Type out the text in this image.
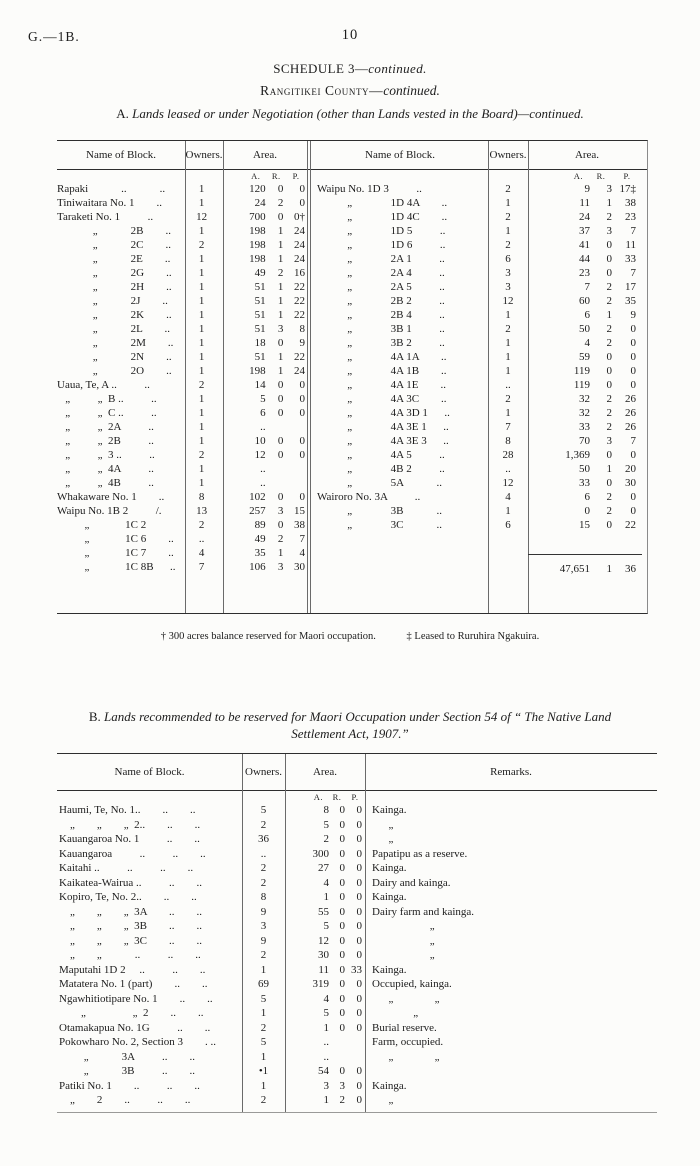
G.—1B.	10
SCHEDULE 3—continued.
Rangitikei County—continued.
A. Lands leased or under Negotiation (other than Lands vested in the Board)—continued.
Name of Block.	Owners.	Area.	Name of Block.	Owners.	Area.
A.	R.	P.
Rapaki            ..            ..	1	120	0	0
Tiniwaitara No. 1        ..	1	24	2	0
Taraketi No. 1          ..	12	700	0 0†
„            2B        ..	1	198	1 24
„            2C        ..	2	198	1 24
„            2E        ..	1	198	1 24
„            2G        ..	1	49	2 16
„            2H        ..	1	51	1 22
„            2J        ..	1	51	1 22
„            2K        ..	1	51	1 22
„            2L        ..	1	51	3	8
„            2M        ..	1	18	0	9
„            2N        ..	1	51	1 22
„            2O        ..	1	198	1 24
Uaua, Te, A ..          ..	2	14	0	0
„          „  B ..          ..	1	5	0	0
„          „  C ..          ..	1	6	0	0
„          „  2A          ..	1	..
„          „  2B          ..	1	10	0	0
„          „  3 ..          ..	2	12	0	0
„          „  4A          ..	1	..
„          „  4B          ..	1	..
Whakaware No. 1        ..	8	102	0	0
Waipu No. 1B 2          /.	13	257	3 15
„             1C 2	2	89	0 38
„             1C 6        ..	..	49	2	7
„             1C 7        ..	4	35	1	4
„             1C 8B      ..	7	106	3 30
A.	R.	P.
Waipu No. 1D 3          ..	2	9	3 17‡
„              1D 4A        ..	1	11	1	38
„              1D 4C        ..	2	24	2	23
„              1D 5          ..	1	37	3	7
„              1D 6          ..	2	41	0	11
„              2A 1          ..	6	44	0	33
„              2A 4          ..	3	23	0	7
„              2A 5          ..	3	7	2	17
„              2B 2          ..	12	60	2	35
„              2B 4          ..	1	6	1	9
„              3B 1          ..	2	50	2	0
„              3B 2          ..	1	4	2	0
„              4A 1A        ..	1	59	0	0
„              4A 1B        ..	1	119	0	0
„              4A 1E        ..	..	119	0	0
„              4A 3C        ..	2	32	2	26
„              4A 3D 1      ..	1	32	2	26
„              4A 3E 1      ..	7	33	2	26
„              4A 3E 3      ..	8	70	3	7
„              4A 5          ..	28	1,369	0	0
„              4B 2          ..	..	50	1	20
„              5A            ..	12	33	0	30
Wairoro No. 3A          ..	4	6	2	0
„              3B            ..	1	0	2	0
„              3C            ..	6	15	0	22
47,651	1	36
† 300 acres balance reserved for Maori occupation.	‡ Leased to Ruruhira Ngakuira.
B. Lands recommended to be reserved for Maori Occupation under Section 54 of “ The Native Land
Settlement Act, 1907.”
Name of Block.	Owners.	Area.	Remarks.
A.	R.	P.
Haumi, Te, No. 1..        ..        ..	5	8 0	0 Kainga.
„        „        „  2..        ..        ..	2	5 0	0 „
Kauangaroa No. 1          ..        ..	36	2 0	0 „
Kauangaroa          ..          ..        ..	..	300 0	0 Papatipu as a reserve.
Kaitahi ..          ..          ..        ..	2	27 0	0 Kainga.
Kaikatea-Wairua ..          ..        ..	2	4 0	0 Dairy and kainga.
Kopiro, Te, No. 2..        ..        ..	8	1 0	0 Kainga.
„        „        „  3A        ..        ..	9	55 0	0 Dairy farm and kainga.
„        „        „  3B        ..        ..	3	5 0	0 „
„        „        „  3C        ..        ..	9	12 0	0 „
„        „            ..          ..        ..	2	30 0	0 „
Maputahi 1D 2     ..          ..        ..	1	11 0 33 Kainga.
Matatera No. 1 (part)        ..        ..	69	319 0	0 Occupied, kainga.
Ngawhitiotipare No. 1        ..        ..	5	4 0	0 „               „
„                 „  2        ..        ..	1	5 0	0 „
Otamakapua No. 1G          ..        ..	2	1 0	0 Burial reserve.
Pokowharo No. 2, Section 3        . ..	5	..	Farm, occupied.
„            3A          ..        ..	1	..	„               „
„            3B          ..        ..	•1	54 0	0
Patiki No. 1        ..          ..        ..	1	3 3	0 Kainga.
„        2        ..          ..        ..	2	1 2	0 „
